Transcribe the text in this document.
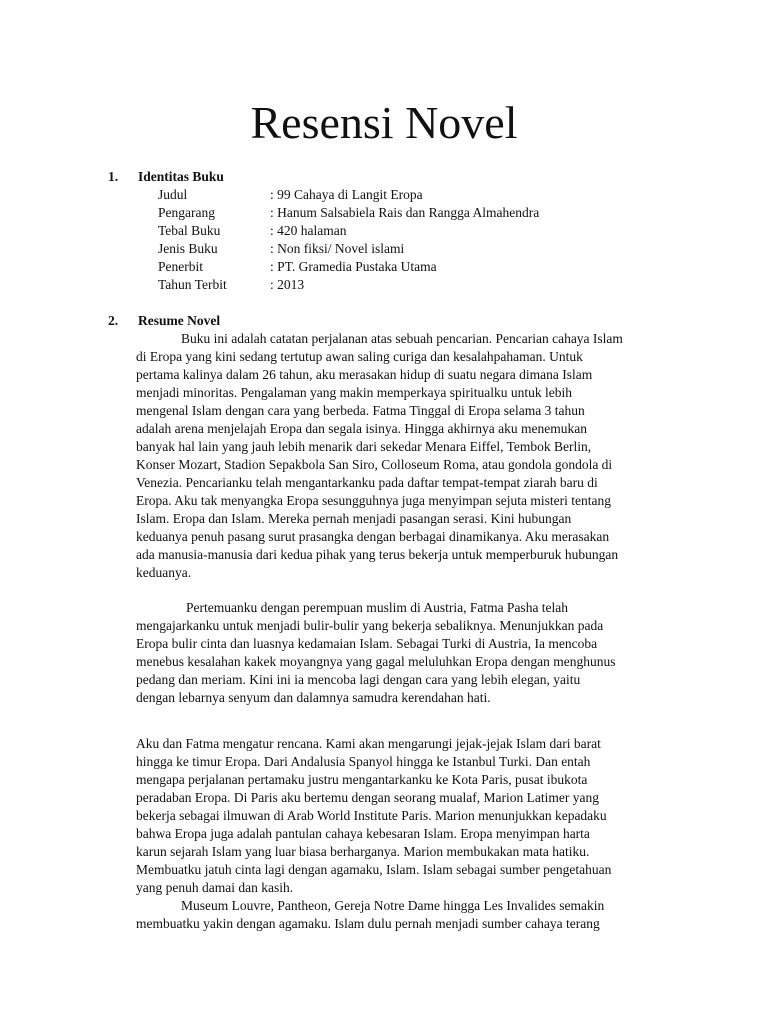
Resensi Novel
1. Identitas Buku
Judul	: 99 Cahaya di Langit Eropa
Pengarang	: Hanum Salsabiela Rais dan Rangga Almahendra
Tebal Buku	: 420 halaman
Jenis Buku	: Non fiksi/ Novel islami
Penerbit	: PT. Gramedia Pustaka Utama
Tahun Terbit	: 2013
2. Resume Novel
Buku ini adalah catatan perjalanan atas sebuah pencarian. Pencarian cahaya Islam
di Eropa yang kini sedang tertutup awan saling curiga dan kesalahpahaman. Untuk
pertama kalinya dalam 26 tahun, aku merasakan hidup di suatu negara dimana Islam
menjadi minoritas. Pengalaman yang makin memperkaya spiritualku untuk lebih
mengenal Islam dengan cara yang berbeda. Fatma Tinggal di Eropa selama 3 tahun
adalah arena menjelajah Eropa dan segala isinya. Hingga akhirnya aku menemukan
banyak hal lain yang jauh lebih menarik dari sekedar Menara Eiffel, Tembok Berlin,
Konser Mozart, Stadion Sepakbola San Siro, Colloseum Roma, atau gondola gondola di
Venezia. Pencarianku telah mengantarkanku pada daftar tempat-tempat ziarah baru di
Eropa. Aku tak menyangka Eropa sesungguhnya juga menyimpan sejuta misteri tentang
Islam. Eropa dan Islam. Mereka pernah menjadi pasangan serasi. Kini hubungan
keduanya penuh pasang surut prasangka dengan berbagai dinamikanya. Aku merasakan
ada manusia-manusia dari kedua pihak yang terus bekerja untuk memperburuk hubungan
keduanya.
Pertemuanku dengan perempuan muslim di Austria, Fatma Pasha telah
mengajarkanku untuk menjadi bulir-bulir yang bekerja sebaliknya. Menunjukkan pada
Eropa bulir cinta dan luasnya kedamaian Islam. Sebagai Turki di Austria, Ia mencoba
menebus kesalahan kakek moyangnya yang gagal meluluhkan Eropa dengan menghunus
pedang dan meriam. Kini ini ia mencoba lagi dengan cara yang lebih elegan, yaitu
dengan lebarnya senyum dan dalamnya samudra kerendahan hati.
Aku dan Fatma mengatur rencana. Kami akan mengarungi jejak-jejak Islam dari barat
hingga ke timur Eropa. Dari Andalusia Spanyol hingga ke Istanbul Turki. Dan entah
mengapa perjalanan pertamaku justru mengantarkanku ke Kota Paris, pusat ibukota
peradaban Eropa. Di Paris aku bertemu dengan seorang mualaf, Marion Latimer yang
bekerja sebagai ilmuwan di Arab World Institute Paris. Marion menunjukkan kepadaku
bahwa Eropa juga adalah pantulan cahaya kebesaran Islam. Eropa menyimpan harta
karun sejarah Islam yang luar biasa berharganya. Marion membukakan mata hatiku.
Membuatku jatuh cinta lagi dengan agamaku, Islam. Islam sebagai sumber pengetahuan
yang penuh damai dan kasih.
Museum Louvre, Pantheon, Gereja Notre Dame hingga Les Invalides semakin
membuatku yakin dengan agamaku. Islam dulu pernah menjadi sumber cahaya terang
